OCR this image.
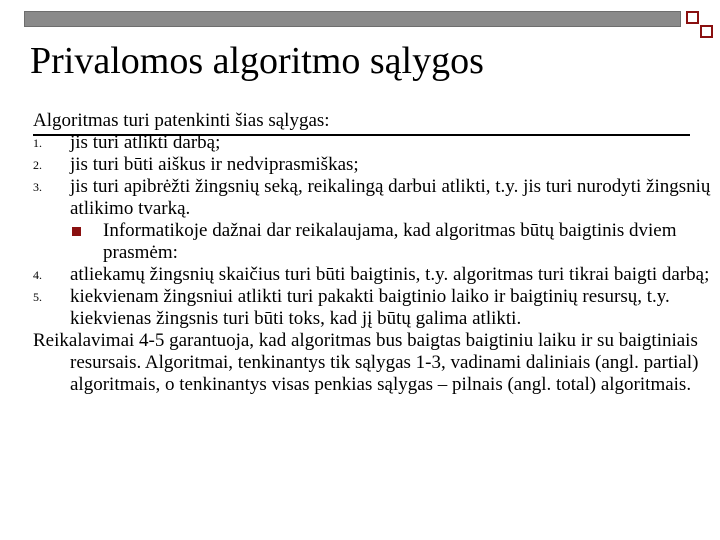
Privalomos algoritmo sąlygos

Algoritmas turi patenkinti šias sąlygas:

1. jis turi atlikti darbą;
2. jis turi būti aiškus ir nedviprasmiškas;
3. jis turi apibrėžti žingsnių seką, reikalingą darbui atlikti, t.y. jis turi nurodyti žingsnių atlikimo tvarką.
Informatikoje dažnai dar reikalaujama, kad algoritmas būtų baigtinis dviem prasmėm:
4. atliekamų žingsnių skaičius turi būti baigtinis, t.y. algoritmas turi tikrai baigti darbą;
5. kiekvienam žingsniui atlikti turi pakakti baigtinio laiko ir baigtinių resursų, t.y. kiekvienas žingsnis turi būti toks, kad jį būtų galima atlikti.
Reikalavimai 4-5 garantuoja, kad algoritmas bus baigtas baigtiniu laiku ir su baigtiniais resursais. Algoritmai, tenkinantys tik sąlygas 1-3, vadinami daliniais (angl. partial) algoritmais, o tenkinantys visas penkias sąlygas – pilnais (angl. total) algoritmais.
